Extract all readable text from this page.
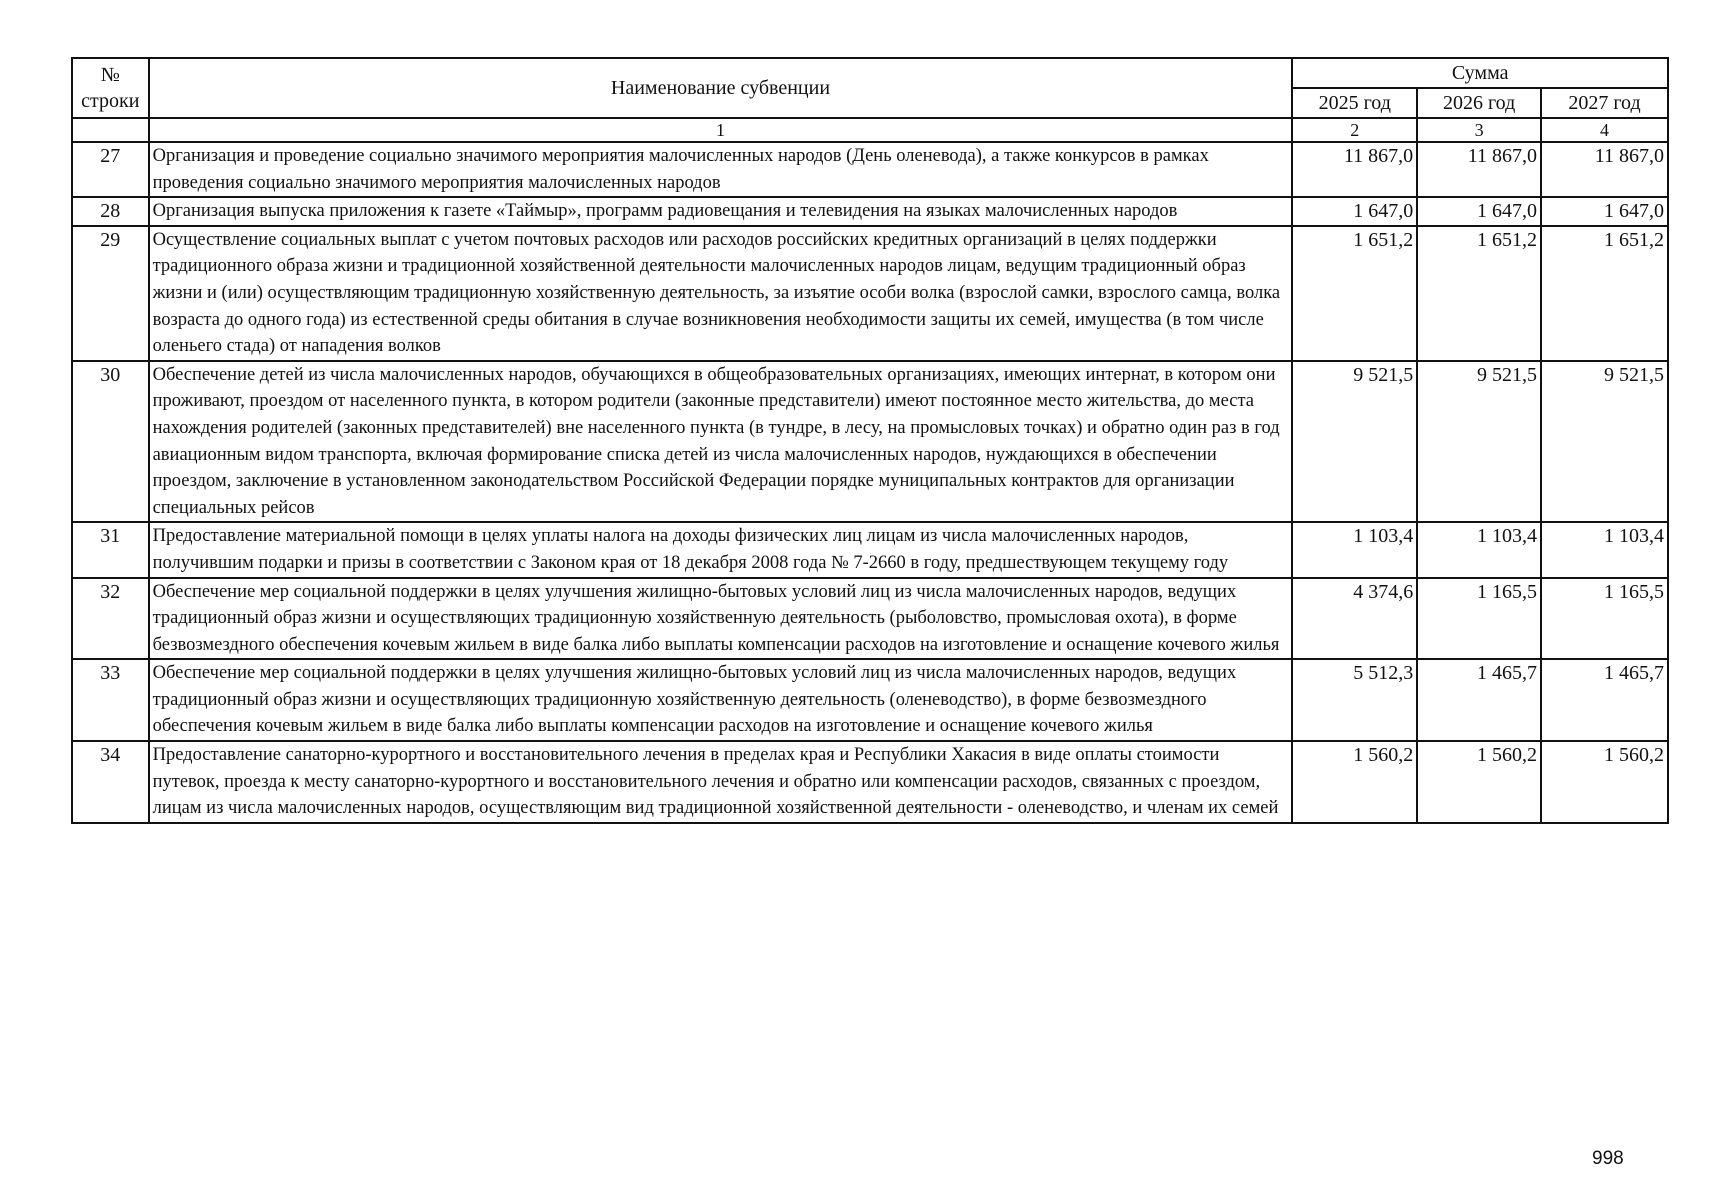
№
строки	Наименование субвенции	Сумма		
		2025 год	2026 год	2027 год
	1	2	3	4
27	Организация и проведение социально значимого мероприятия малочисленных народов (День оленевода), а также конкурсов в рамках проведения социально значимого мероприятия малочисленных народов	11 867,0	11 867,0	11 867,0
28	Организация выпуска приложения к газете «Таймыр», программ радиовещания и телевидения на языках малочисленных народов	1 647,0	1 647,0	1 647,0
29	Осуществление социальных выплат с учетом почтовых расходов или расходов российских кредитных организаций в целях поддержки традиционного образа жизни и традиционной хозяйственной деятельности малочисленных народов лицам, ведущим традиционный образ жизни и (или) осуществляющим традиционную хозяйственную деятельность, за изъятие особи волка (взрослой самки, взрослого самца, волка возраста до одного года) из естественной среды обитания в случае возникновения необходимости защиты их семей, имущества (в том числе оленьего стада) от нападения волков	1 651,2	1 651,2	1 651,2
30	Обеспечение детей из числа малочисленных народов, обучающихся в общеобразовательных организациях, имеющих интернат, в котором они проживают, проездом от населенного пункта, в котором родители (законные представители) имеют постоянное место жительства, до места нахождения родителей (законных представителей) вне населенного пункта (в тундре, в лесу, на промысловых точках) и обратно один раз в год авиационным видом транспорта, включая формирование списка детей из числа малочисленных народов, нуждающихся в обеспечении проездом, заключение в установленном законодательством Российской Федерации порядке муниципальных контрактов для организации специальных рейсов	9 521,5	9 521,5	9 521,5
31	Предоставление материальной помощи в целях уплаты налога на доходы физических лиц лицам из числа малочисленных народов, получившим подарки и призы в соответствии с Законом края от 18 декабря 2008 года № 7-2660 в году, предшествующем текущему году	1 103,4	1 103,4	1 103,4
32	Обеспечение мер социальной поддержки в целях улучшения жилищно-бытовых условий лиц из числа малочисленных народов, ведущих традиционный образ жизни и осуществляющих традиционную хозяйственную деятельность (рыболовство, промысловая охота), в форме безвозмездного обеспечения кочевым жильем в виде балка либо выплаты компенсации расходов на изготовление и оснащение кочевого жилья	4 374,6	1 165,5	1 165,5
33	Обеспечение мер социальной поддержки в целях улучшения жилищно-бытовых условий лиц из числа малочисленных народов, ведущих традиционный образ жизни и осуществляющих традиционную хозяйственную деятельность (оленеводство), в форме безвозмездного обеспечения кочевым жильем в виде балка либо выплаты компенсации расходов на изготовление и оснащение кочевого жилья	5 512,3	1 465,7	1 465,7
34	Предоставление санаторно-курортного и восстановительного лечения в пределах края и Республики Хакасия в виде оплаты стоимости путевок, проезда к месту санаторно-курортного и восстановительного лечения и обратно или компенсации расходов, связанных с проездом, лицам из числа малочисленных народов, осуществляющим вид традиционной хозяйственной деятельности - оленеводство, и членам их семей	1 560,2	1 560,2	1 560,2
998
